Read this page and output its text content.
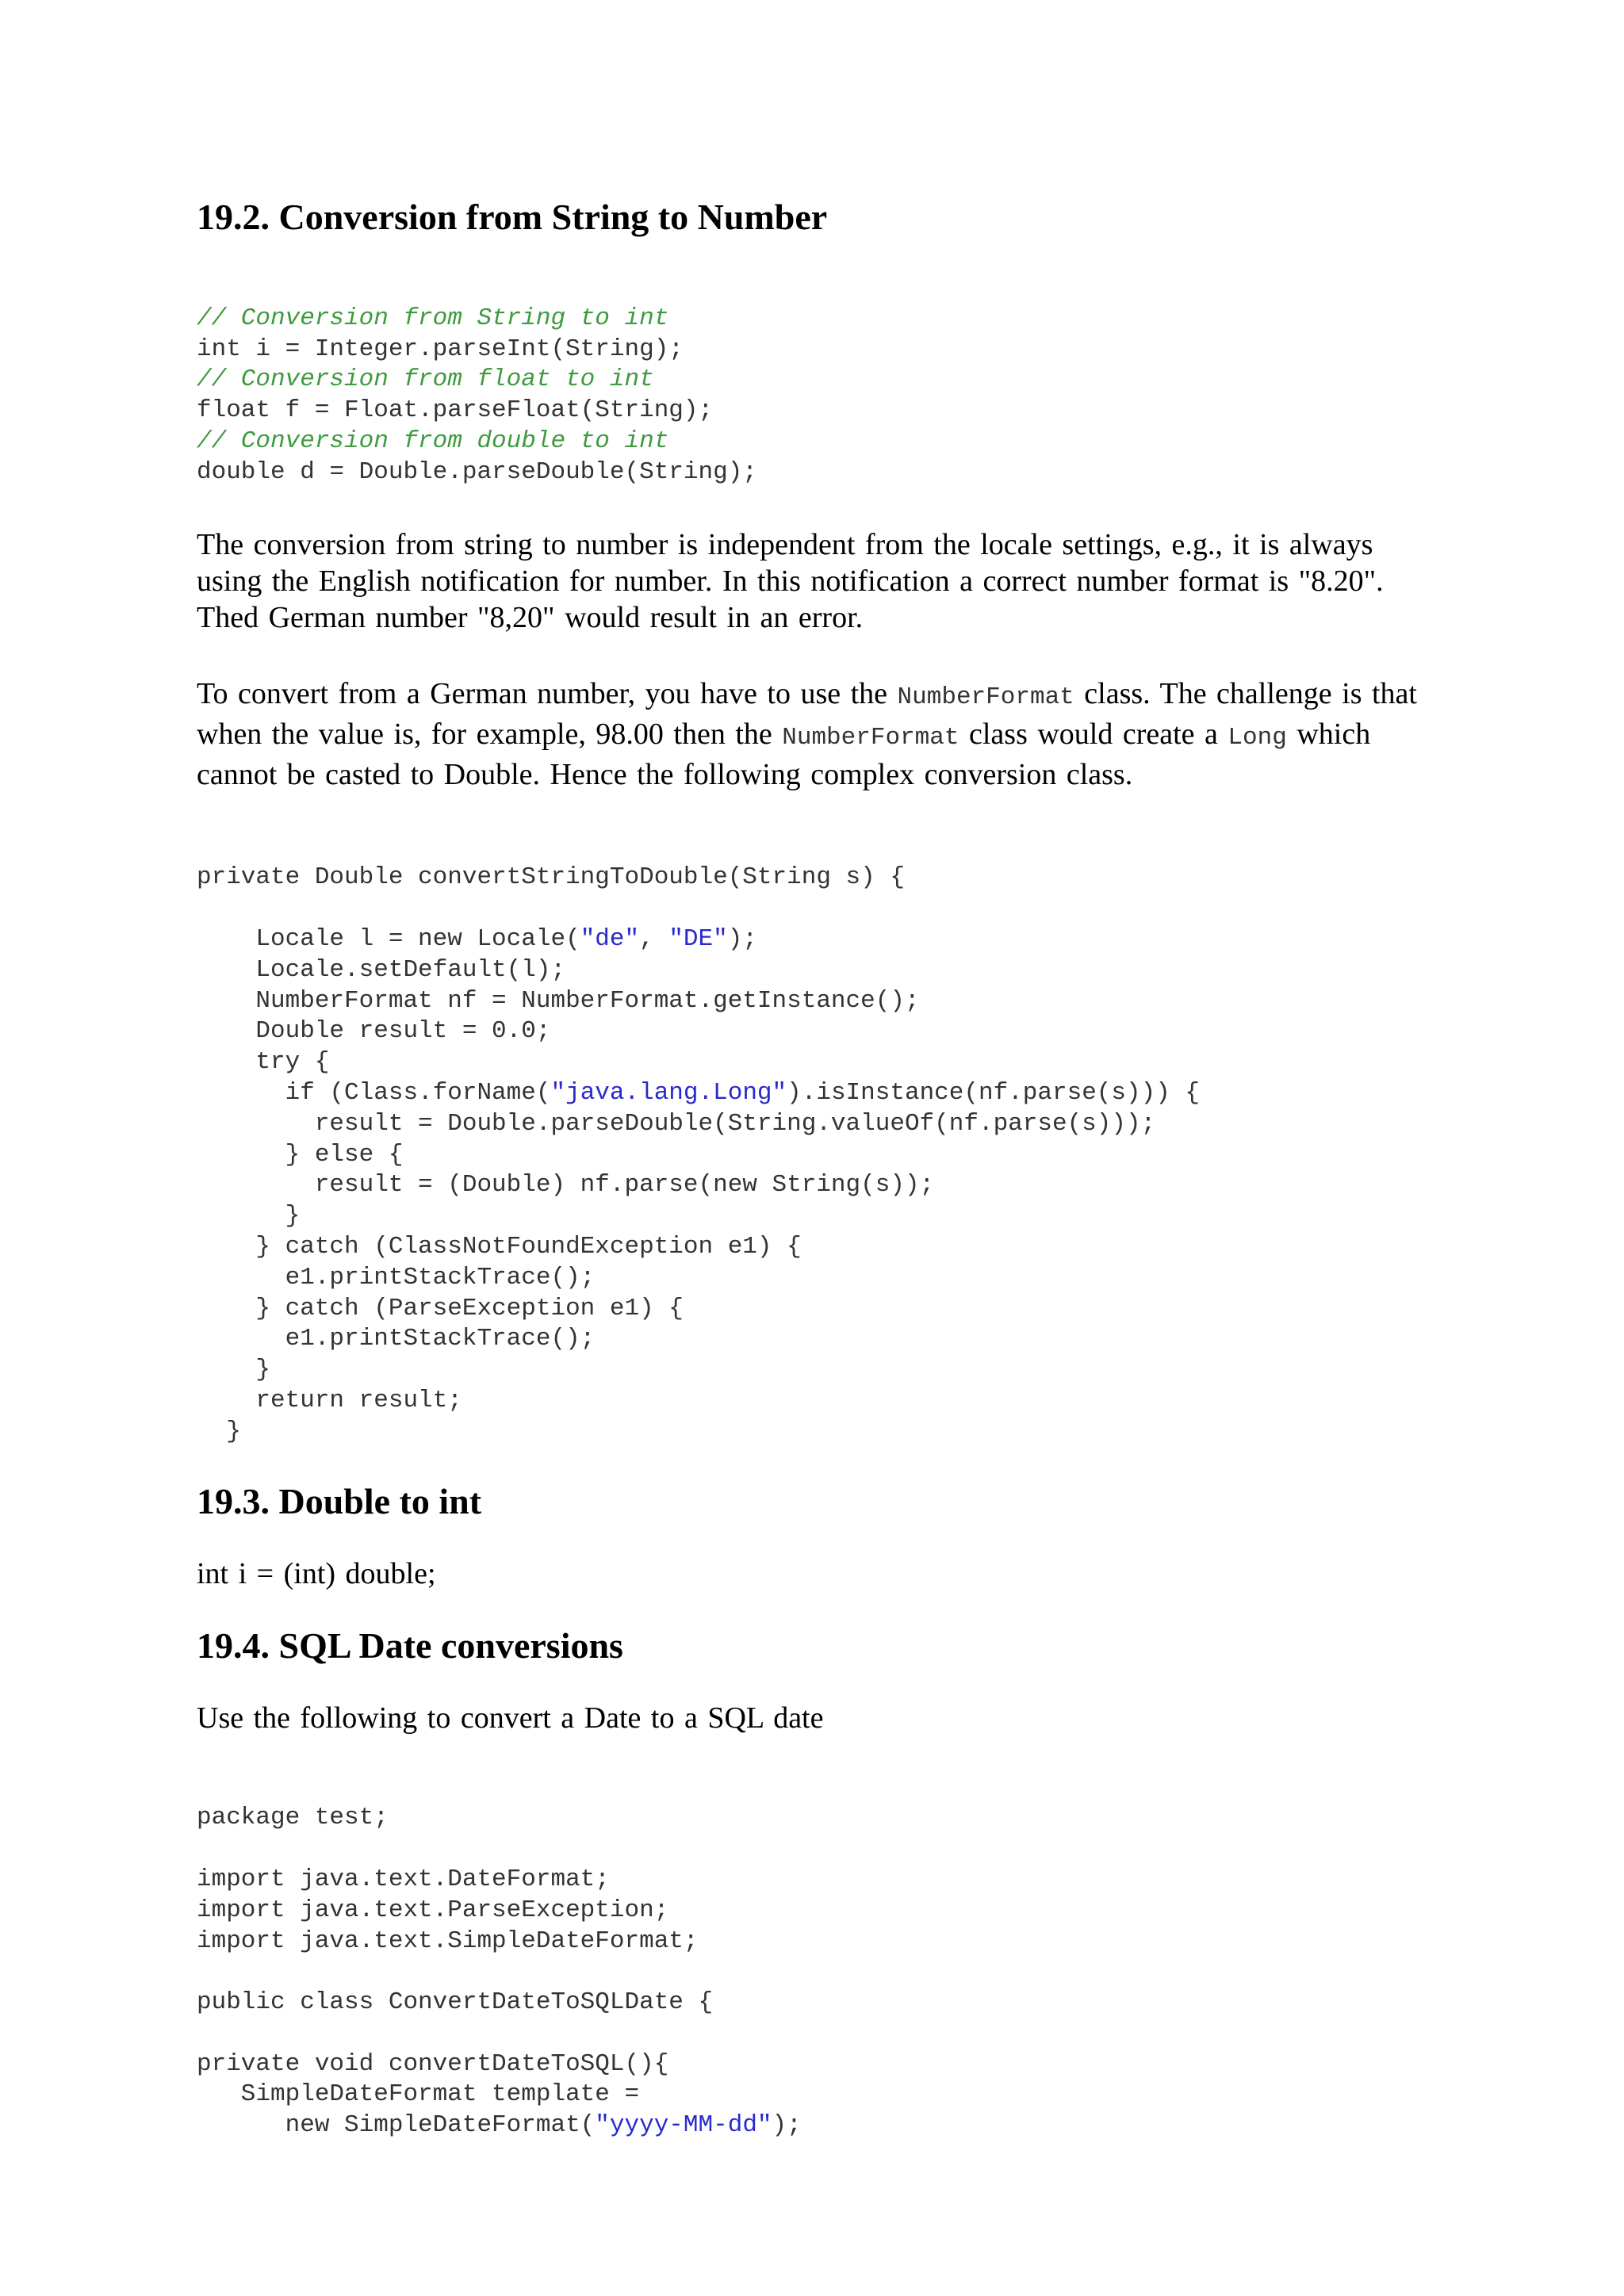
19.2. Conversion from String to Number

// Conversion from String to int
int i = Integer.parseInt(String);
// Conversion from float to int
float f = Float.parseFloat(String);
// Conversion from double to int
double d = Double.parseDouble(String);

The conversion from string to number is independent from the locale settings, e.g., it is always using the English notification for number. In this notification a correct number format is "8.20". Thed German number "8,20" would result in an error.

To convert from a German number, you have to use the NumberFormat class. The challenge is that when the value is, for example, 98.00 then the NumberFormat class would create a Long which cannot be casted to Double. Hence the following complex conversion class.

private Double convertStringToDouble(String s) {

Locale l = new Locale("de", "DE");
Locale.setDefault(l);
NumberFormat nf = NumberFormat.getInstance();
Double result = 0.0;
try {
if (Class.forName("java.lang.Long").isInstance(nf.parse(s))) {
result = Double.parseDouble(String.valueOf(nf.parse(s)));
} else {
result = (Double) nf.parse(new String(s));
}
} catch (ClassNotFoundException e1) {
e1.printStackTrace();
} catch (ParseException e1) {
e1.printStackTrace();
}
return result;
}
19.3. Double to int

int i = (int) double;

19.4. SQL Date conversions

Use the following to convert a Date to a SQL date

package test;

import java.text.DateFormat;
import java.text.ParseException;
import java.text.SimpleDateFormat;

public class ConvertDateToSQLDate {

private void convertDateToSQL(){
SimpleDateFormat template =
new SimpleDateFormat("yyyy-MM-dd");
